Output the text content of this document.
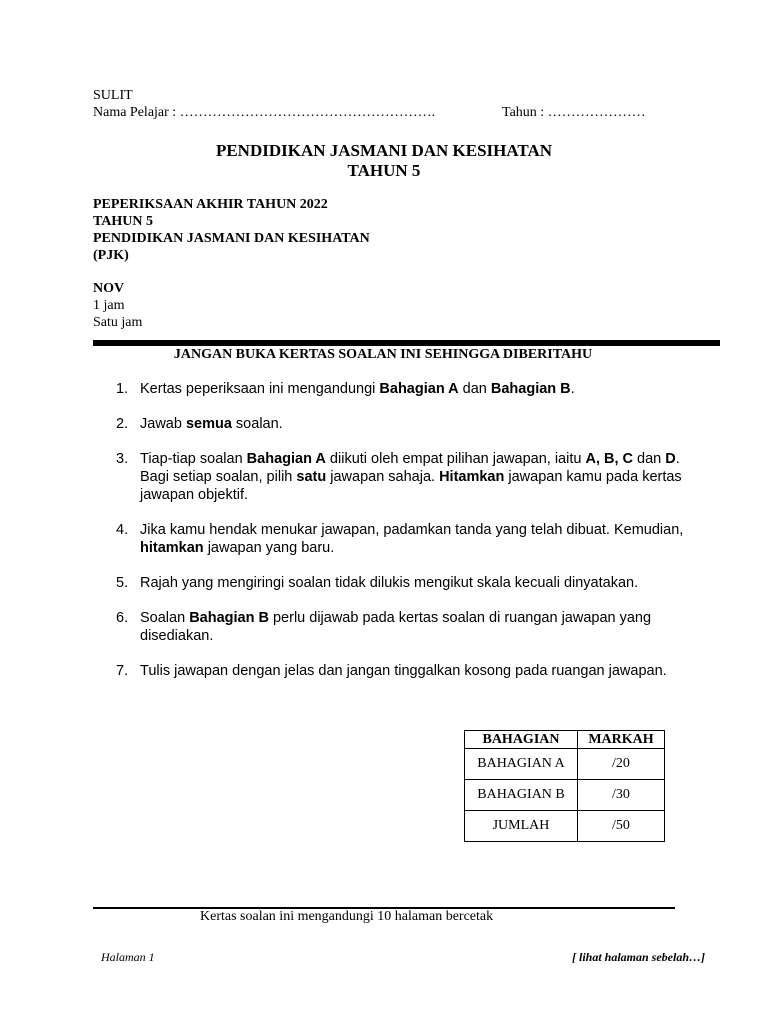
SULIT
Nama Pelajar : ……………………………………………….	Tahun : …………………
PENDIDIKAN JASMANI DAN KESIHATAN
TAHUN 5
PEPERIKSAAN AKHIR TAHUN 2022
TAHUN 5
PENDIDIKAN JASMANI DAN KESIHATAN
(PJK)
NOV
1 jam
Satu jam
JANGAN BUKA KERTAS SOALAN INI SEHINGGA DIBERITAHU
1. Kertas peperiksaan ini mengandungi Bahagian A dan Bahagian B.
2. Jawab semua soalan.
3. Tiap-tiap soalan Bahagian A diikuti oleh empat pilihan jawapan, iaitu A, B, C dan D. Bagi setiap soalan, pilih satu jawapan sahaja. Hitamkan jawapan kamu pada kertas jawapan objektif.
4. Jika kamu hendak menukar jawapan, padamkan tanda yang telah dibuat. Kemudian, hitamkan jawapan yang baru.
5. Rajah yang mengiringi soalan tidak dilukis mengikut skala kecuali dinyatakan.
6. Soalan Bahagian B perlu dijawab pada kertas soalan di ruangan jawapan yang disediakan.
7. Tulis jawapan dengan jelas dan jangan tinggalkan kosong pada ruangan jawapan.
BAHAGIAN	MARKAH
BAHAGIAN A	/20
BAHAGIAN B	/30
JUMLAH	/50
Kertas soalan ini mengandungi 10 halaman bercetak
Halaman 1	[ lihat halaman sebelah…]
